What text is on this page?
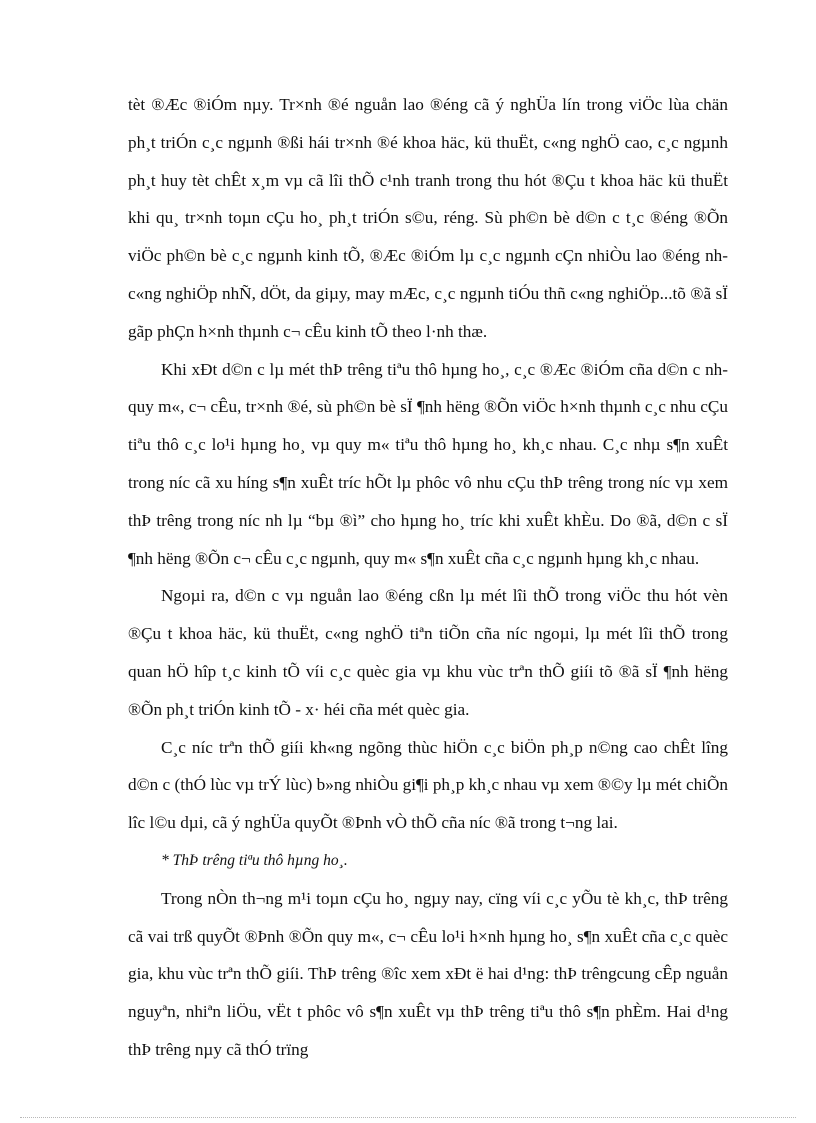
tèt ®Æc ®iÓm nµy. Tr×nh ®é nguån lao ®éng cã ý nghÜa lín trong viÖc lùa chän ph¸t triÓn c¸c ngµnh ®ßi hái tr×nh ®é khoa häc, kü thuËt, c«ng nghÖ cao, c¸c ngµnh ph¸t huy tèt chÊt x¸m vµ cã lîi thÕ c¹nh tranh trong thu hót ®Çu t khoa häc kü thuËt khi qu¸ tr×nh toµn cÇu ho¸ ph¸t triÓn s©u, réng. Sù ph©n bè d©n c t¸c ®éng ®Õn viÖc ph©n bè c¸c ngµnh kinh tÕ, ®Æc ®iÓm lµ c¸c ngµnh cÇn nhiÒu lao ®éng nh c«ng nghiÖp nhÑ, dÖt, da giµy, may mÆc, c¸c ngµnh tiÓu thñ c«ng nghiÖp...tõ ®ã sÏ gãp phÇn h×nh thµnh c¬ cÊu kinh tÕ theo l·nh thæ.

Khi xÐt d©n c lµ mét thÞ trêng tiªu thô hµng ho¸, c¸c ®Æc ®iÓm cña d©n c nh quy m«, c¬ cÊu, tr×nh ®é, sù ph©n bè sÏ ¶nh hëng ®Õn viÖc h×nh thµnh c¸c nhu cÇu tiªu thô c¸c lo¹i hµng ho¸ vµ quy m« tiªu thô hµng ho¸ kh¸c nhau. C¸c nhµ s¶n xuÊt trong níc cã xu híng s¶n xuÊt tríc hÕt lµ phôc vô nhu cÇu thÞ trêng trong níc vµ xem thÞ trêng trong níc nh lµ “bµ ®ì” cho hµng ho¸ tríc khi xuÊt khÈu. Do ®ã, d©n c sÏ ¶nh hëng ®Õn c¬ cÊu c¸c ngµnh, quy m« s¶n xuÊt cña c¸c ngµnh hµng kh¸c nhau.

Ngoµi ra, d©n c vµ nguån lao ®éng cßn lµ mét lîi thÕ trong viÖc thu hót vèn ®Çu t khoa häc, kü thuËt, c«ng nghÖ tiªn tiÕn cña níc ngoµi, lµ mét lîi thÕ trong quan hÖ hîp t¸c kinh tÕ víi c¸c quèc gia vµ khu vùc trªn thÕ giíi tõ ®ã sÏ ¶nh hëng ®Õn ph¸t triÓn kinh tÕ - x· héi cña mét quèc gia.

C¸c níc trªn thÕ giíi kh«ng ngõng thùc hiÖn c¸c biÖn ph¸p n©ng cao chÊt lîng d©n c (thÓ lùc vµ trÝ lùc) b»ng nhiÒu gi¶i ph¸p kh¸c nhau vµ xem ®©y lµ mét chiÕn lîc l©u dµi, cã ý nghÜa quyÕt ®Þnh vÒ thÕ cña níc ®ã trong t¬ng lai.

* ThÞ trêng tiªu thô hµng ho¸.

Trong nÒn th¬ng m¹i toµn cÇu ho¸ ngµy nay, cïng víi c¸c yÕu tè kh¸c, thÞ trêng cã vai trß quyÕt ®Þnh ®Õn quy m«, c¬ cÊu lo¹i h×nh hµng ho¸ s¶n xuÊt cña c¸c quèc gia, khu vùc trªn thÕ giíi. ThÞ trêng ®îc xem xÐt ë hai d¹ng: thÞ trêngcung cÊp nguån nguyªn, nhiªn liÖu, vËt t phôc vô s¶n xuÊt vµ thÞ trêng tiªu thô s¶n phÈm. Hai d¹ng thÞ trêng nµy cã thÓ trïng
